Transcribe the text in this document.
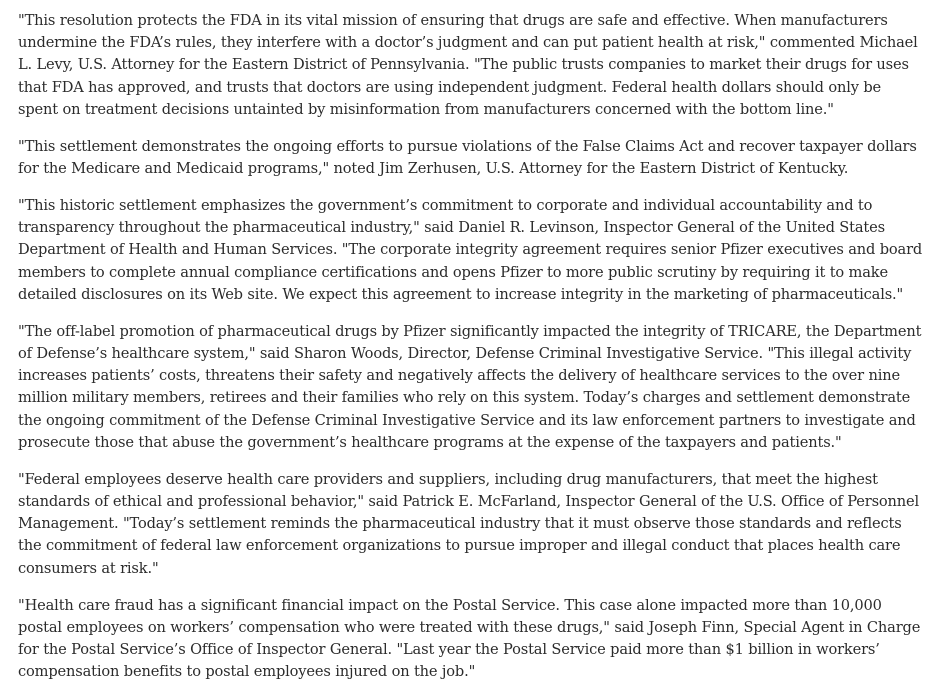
"This resolution protects the FDA in its vital mission of ensuring that drugs are safe and effective. When manufacturers undermine the FDA’s rules, they interfere with a doctor’s judgment and can put patient health at risk," commented Michael L. Levy, U.S. Attorney for the Eastern District of Pennsylvania. "The public trusts companies to market their drugs for uses that FDA has approved, and trusts that doctors are using independent judgment. Federal health dollars should only be spent on treatment decisions untainted by misinformation from manufacturers concerned with the bottom line."

"This settlement demonstrates the ongoing efforts to pursue violations of the False Claims Act and recover taxpayer dollars for the Medicare and Medicaid programs," noted Jim Zerhusen, U.S. Attorney for the Eastern District of Kentucky.

"This historic settlement emphasizes the government’s commitment to corporate and individual accountability and to transparency throughout the pharmaceutical industry," said Daniel R. Levinson, Inspector General of the United States Department of Health and Human Services. "The corporate integrity agreement requires senior Pfizer executives and board members to complete annual compliance certifications and opens Pfizer to more public scrutiny by requiring it to make detailed disclosures on its Web site. We expect this agreement to increase integrity in the marketing of pharmaceuticals."

"The off-label promotion of pharmaceutical drugs by Pfizer significantly impacted the integrity of TRICARE, the Department of Defense’s healthcare system," said Sharon Woods, Director, Defense Criminal Investigative Service. "This illegal activity increases patients’ costs, threatens their safety and negatively affects the delivery of healthcare services to the over nine million military members, retirees and their families who rely on this system. Today’s charges and settlement demonstrate the ongoing commitment of the Defense Criminal Investigative Service and its law enforcement partners to investigate and prosecute those that abuse the government’s healthcare programs at the expense of the taxpayers and patients."

"Federal employees deserve health care providers and suppliers, including drug manufacturers, that meet the highest standards of ethical and professional behavior," said Patrick E. McFarland, Inspector General of the U.S. Office of Personnel Management. "Today’s settlement reminds the pharmaceutical industry that it must observe those standards and reflects the commitment of federal law enforcement organizations to pursue improper and illegal conduct that places health care consumers at risk."

"Health care fraud has a significant financial impact on the Postal Service. This case alone impacted more than 10,000 postal employees on workers’ compensation who were treated with these drugs," said Joseph Finn, Special Agent in Charge for the Postal Service’s Office of Inspector General. "Last year the Postal Service paid more than $1 billion in workers’ compensation benefits to postal employees injured on the job."
